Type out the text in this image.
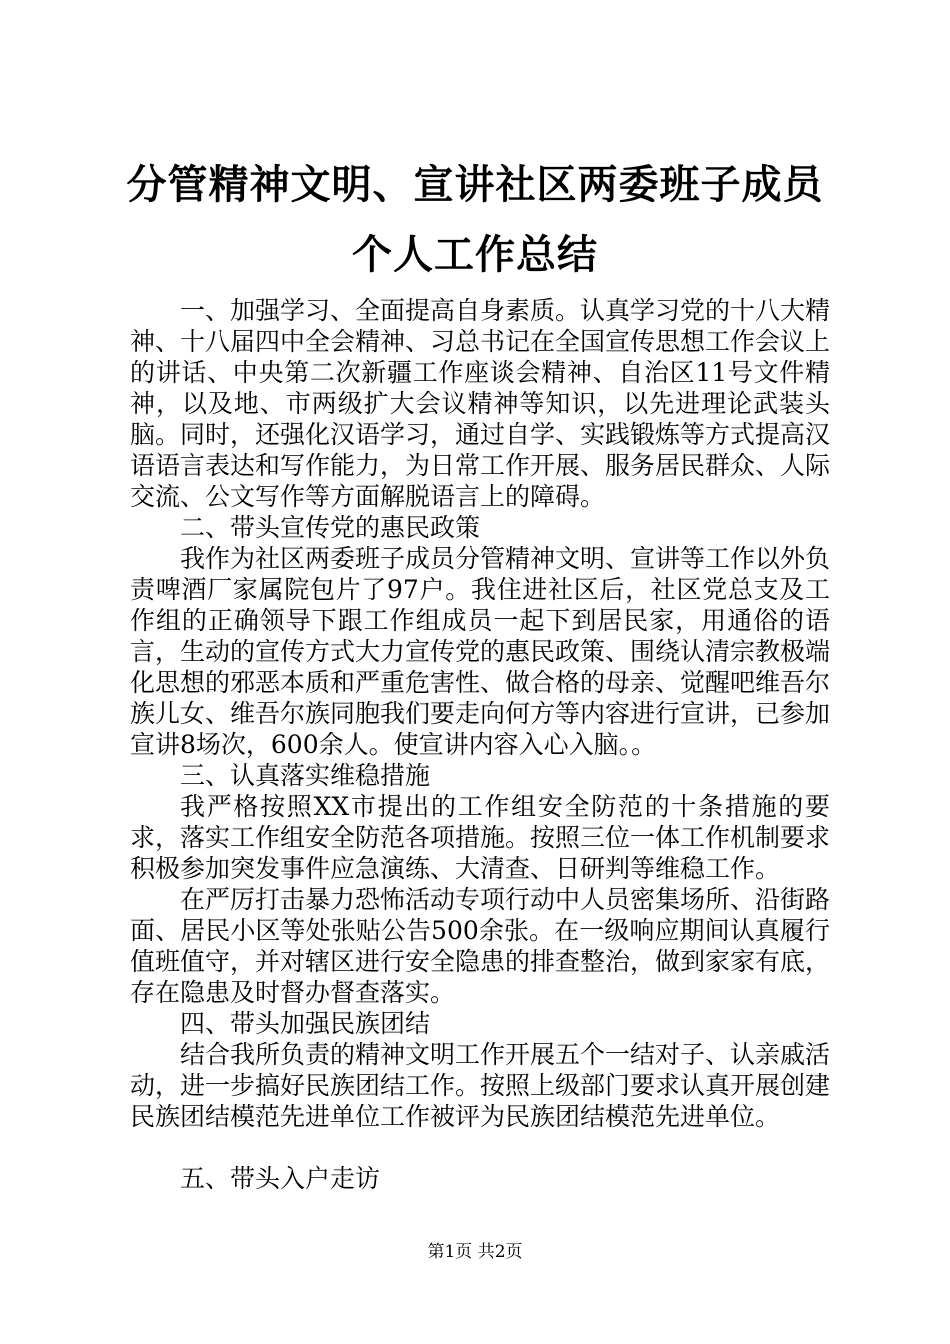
分管精神文明、宣讲社区两委班子成员个人工作总结

一、加强学习、全面提高自身素质。认真学习党的十八大精神、十八届四中全会精神、习总书记在全国宣传思想工作会议上的讲话、中央第二次新疆工作座谈会精神、自治区11号文件精神，以及地、市两级扩大会议精神等知识，以先进理论武装头脑。同时，还强化汉语学习，通过自学、实践锻炼等方式提高汉语语言表达和写作能力，为日常工作开展、服务居民群众、人际交流、公文写作等方面解脱语言上的障碍。

二、带头宣传党的惠民政策

我作为社区两委班子成员分管精神文明、宣讲等工作以外负责啤酒厂家属院包片了97户。我住进社区后，社区党总支及工作组的正确领导下跟工作组成员一起下到居民家，用通俗的语言，生动的宣传方式大力宣传党的惠民政策、围绕认清宗教极端化思想的邪恶本质和严重危害性、做合格的母亲、觉醒吧维吾尔族儿女、维吾尔族同胞我们要走向何方等内容进行宣讲，已参加宣讲8场次，600余人。使宣讲内容入心入脑。。

三、认真落实维稳措施

我严格按照XX市提出的工作组安全防范的十条措施的要求，落实工作组安全防范各项措施。按照三位一体工作机制要求积极参加突发事件应急演练、大清查、日研判等维稳工作。

在严厉打击暴力恐怖活动专项行动中人员密集场所、沿街路面、居民小区等处张贴公告500余张。在一级响应期间认真履行值班值守，并对辖区进行安全隐患的排查整治，做到家家有底，存在隐患及时督办督查落实。

四、带头加强民族团结

结合我所负责的精神文明工作开展五个一结对子、认亲戚活动，进一步搞好民族团结工作。按照上级部门要求认真开展创建民族团结模范先进单位工作被评为民族团结模范先进单位。

五、带头入户走访

第1页 共2页
